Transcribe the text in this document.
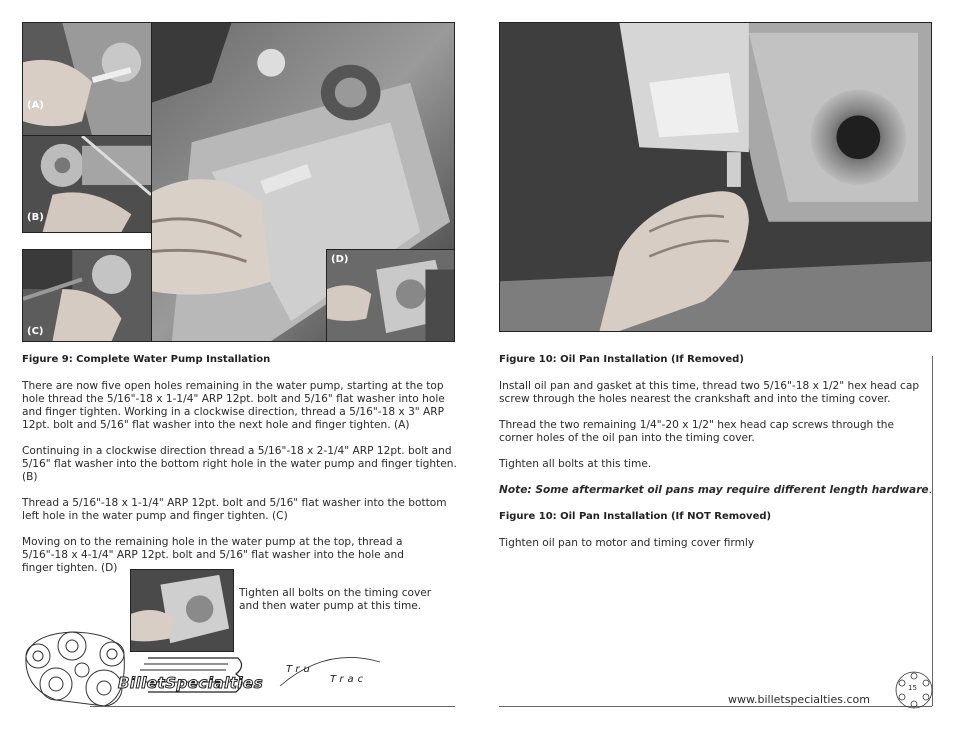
(A)
(B)
(C)
(D)

Figure 9: Complete Water Pump Installation

There are now five open holes remaining in the water pump, starting at the top
hole thread the 5/16"-18 x 1-1/4" ARP 12pt. bolt and 5/16" flat washer into hole
and finger tighten. Working in a clockwise direction, thread a 5/16"-18 x 3" ARP
12pt. bolt and 5/16" flat washer into the next hole and finger tighten. (A)
Continuing in a clockwise direction thread a 5/16"-18 x 2-1/4" ARP 12pt. bolt and
5/16" flat washer into the bottom right hole in the water pump and finger tighten.
(B)
Thread a 5/16"-18 x 1-1/4" ARP 12pt. bolt and 5/16" flat washer into the bottom
left hole in the water pump and finger tighten. (C)
Moving on to the remaining hole in the water pump at the top, thread a
5/16"-18 x 4-1/4" ARP 12pt. bolt and 5/16" flat washer into the hole and
finger tighten. (D)
Tighten all bolts on the timing cover
and then water pump at this time.
BilletSpecialties
Tru
Trac

Figure 10: Oil Pan Installation (If Removed)

Install oil pan and gasket at this time, thread two 5/16"-18 x 1/2" hex head cap
screw through the holes nearest the crankshaft and into the timing cover.
Thread the two remaining 1/4"-20 x 1/2" hex head cap screws through the
corner holes of the oil pan into the timing cover.
Tighten all bolts at this time.
Note: Some aftermarket oil pans may require different length hardware.

Figure 10: Oil Pan Installation (If NOT Removed)

Tighten oil pan to motor and timing cover firmly
www.billetspecialties.com
15
